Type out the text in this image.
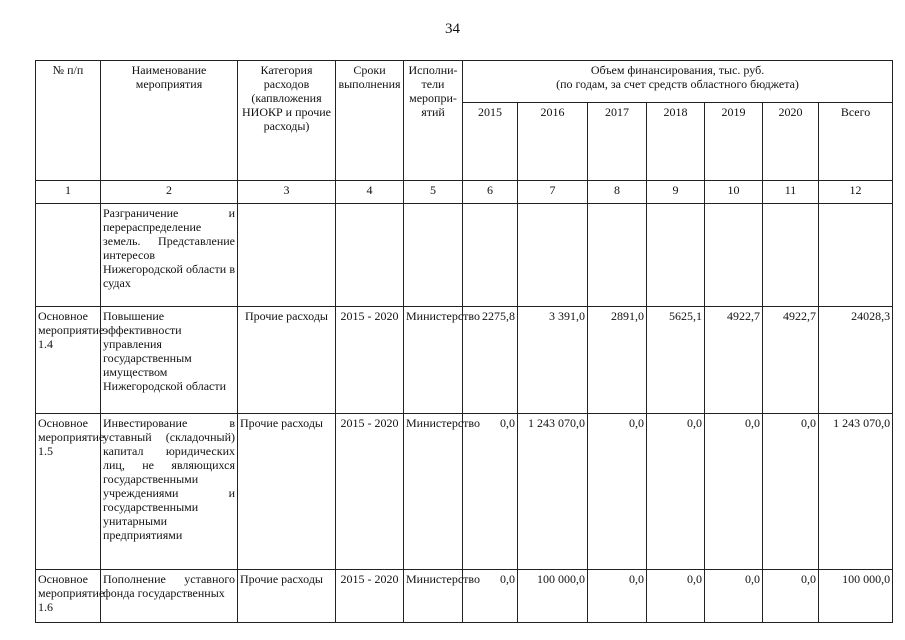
34
№ п/п	Наименование мероприятия	Категория расходов (капвложения НИОКР и прочие расходы)	Сроки выполнения	Исполни-тели меропри-ятий	Объем финансирования, тыс. руб.
(по годам, за счет средств областного бюджета)						

					2015	2016	2017	2018	2019	2020	Всего
1	2	3	4	5	6	7	8	9	10	11	12
	Разграничение и перераспределение земель. Представление интересов Нижегородской области в судах										
Основное мероприятие 1.4	Повышение эффективности управления государственным имуществом Нижегородской области	Прочие расходы	2015 - 2020	Министерство	2275,8	3 391,0	2891,0	5625,1	4922,7	4922,7	24028,3
Основное мероприятие 1.5	Инвестирование в уставный (складочный) капитал юридических лиц, не являющихся государственными учреждениями и государственными унитарными предприятиями	Прочие расходы	2015 - 2020	Министерство	0,0	1 243 070,0	0,0	0,0	0,0	0,0	1 243 070,0
Основное мероприятие 1.6	Пополнение уставного фонда государственных	Прочие расходы	2015 - 2020	Министерство	0,0	100 000,0	0,0	0,0	0,0	0,0	100 000,0
